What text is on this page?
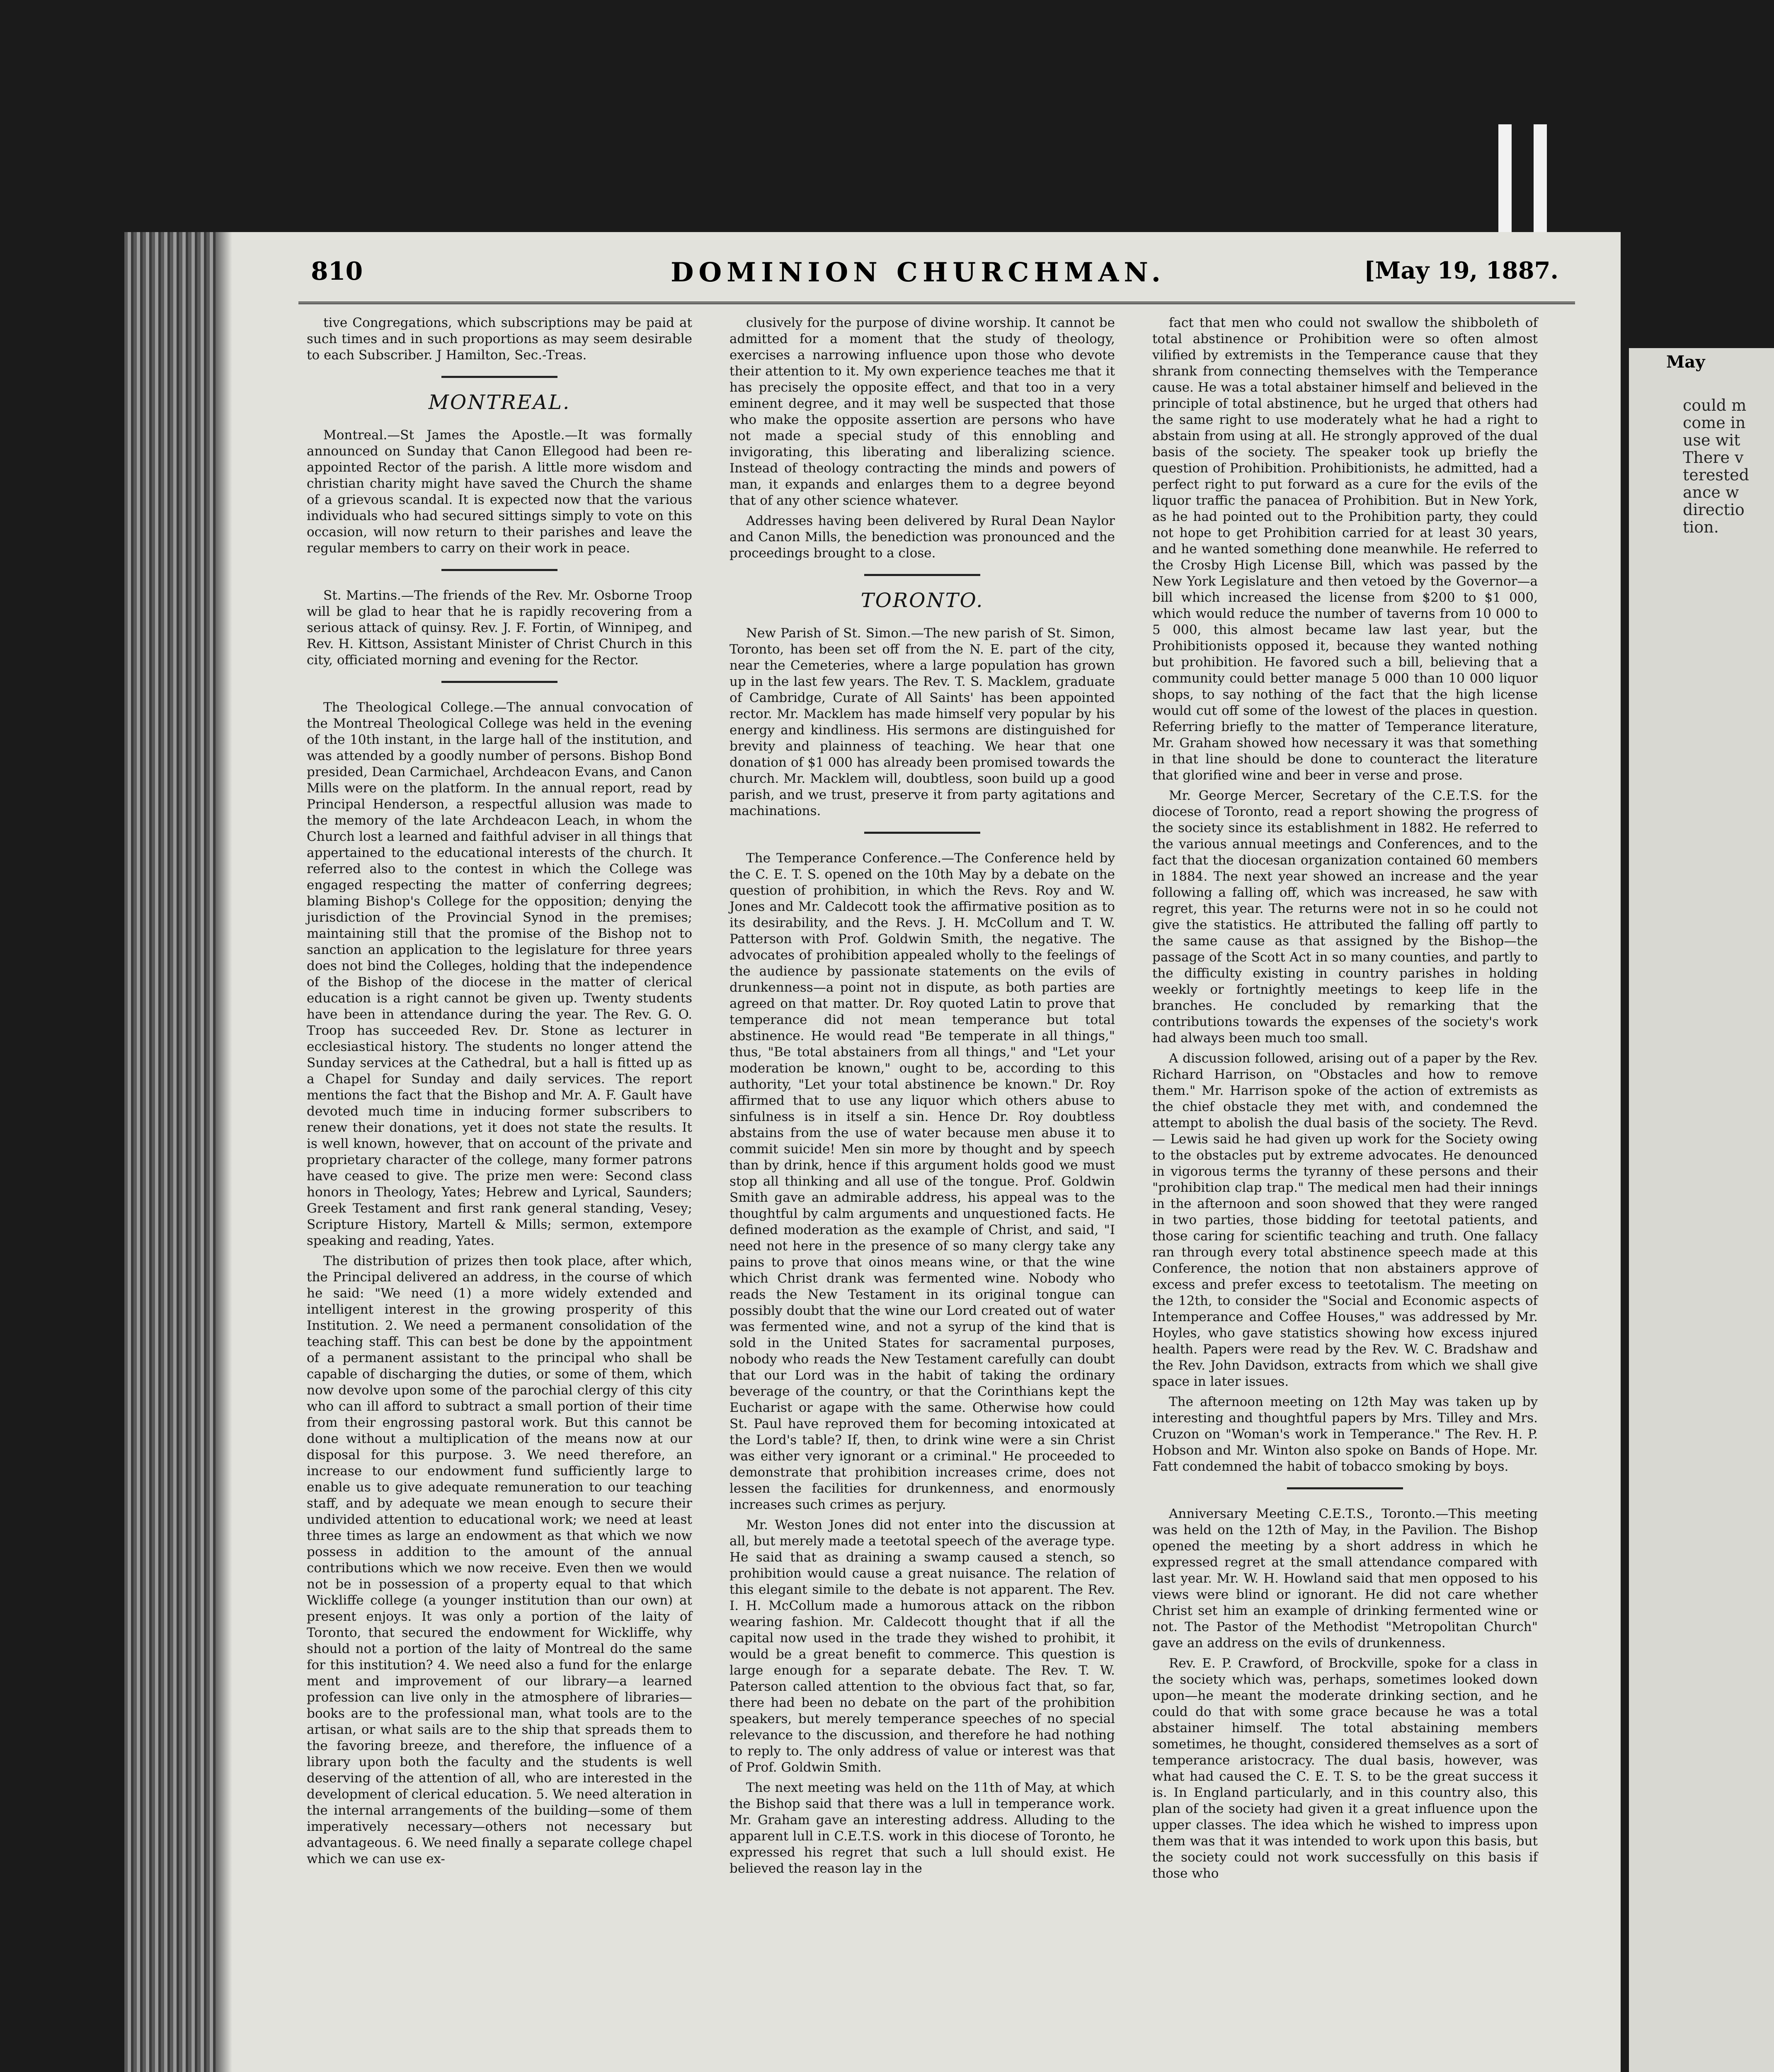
810	DOMINION CHURCHMAN.	[May 19, 1887.

tive Congregations, which subscriptions may be paid at such times and in such proportions as may seem desirable to each Subscriber. J Hamilton, Sec.-Treas.

MONTREAL.

Montreal.—St James the Apostle.—It was formally announced on Sunday that Canon Ellegood had been re-appointed Rector of the parish. A little more wisdom and christian charity might have saved the Church the shame of a grievous scandal. It is expected now that the various individuals who had secured sittings simply to vote on this occasion, will now return to their parishes and leave the regular members to carry on their work in peace.

St. Martins.—The friends of the Rev. Mr. Osborne Troop will be glad to hear that he is rapidly recovering from a serious attack of quinsy. Rev. J. F. Fortin, of Winnipeg, and Rev. H. Kittson, Assistant Minister of Christ Church in this city, officiated morning and evening for the Rector.

The Theological College.—The annual convocation of the Montreal Theological College was held in the evening of the 10th instant, in the large hall of the institution, and was attended by a goodly number of persons. Bishop Bond presided, Dean Carmichael, Archdeacon Evans, and Canon Mills were on the platform. In the annual report, read by Principal Henderson, a respectful allusion was made to the memory of the late Archdeacon Leach, in whom the Church lost a learned and faithful adviser in all things that appertained to the educational interests of the church. It referred also to the contest in which the College was engaged respecting the matter of conferring degrees; blaming Bishop's College for the opposition; denying the jurisdiction of the Provincial Synod in the premises; maintaining still that the promise of the Bishop not to sanction an application to the legislature for three years does not bind the Colleges, holding that the independence of the Bishop of the diocese in the matter of clerical education is a right cannot be given up. Twenty students have been in attendance during the year. The Rev. G. O. Troop has succeeded Rev. Dr. Stone as lecturer in ecclesiastical history. The students no longer attend the Sunday services at the Cathedral, but a hall is fitted up as a Chapel for Sunday and daily services. The report mentions the fact that the Bishop and Mr. A. F. Gault have devoted much time in inducing former subscribers to renew their donations, yet it does not state the results. It is well known, however, that on account of the private and proprietary character of the college, many former patrons have ceased to give. The prize men were: Second class honors in Theology, Yates; Hebrew and Lyrical, Saunders; Greek Testament and first rank general standing, Vesey; Scripture History, Martell & Mills; sermon, extempore speaking and reading, Yates.

The distribution of prizes then took place, after which, the Principal delivered an address, in the course of which he said: "We need (1) a more widely extended and intelligent interest in the growing prosperity of this Institution. 2. We need a permanent consolidation of the teaching staff. This can best be done by the appointment of a permanent assistant to the principal who shall be capable of discharging the duties, or some of them, which now devolve upon some of the parochial clergy of this city who can ill afford to subtract a small portion of their time from their engrossing pastoral work. But this cannot be done without a multiplication of the means now at our disposal for this purpose. 3. We need therefore, an increase to our endowment fund sufficiently large to enable us to give adequate remuneration to our teaching staff, and by adequate we mean enough to secure their undivided attention to educational work; we need at least three times as large an endowment as that which we now possess in addition to the amount of the annual contributions which we now receive. Even then we would not be in possession of a property equal to that which Wickliffe college (a younger institution than our own) at present enjoys. It was only a portion of the laity of Toronto, that secured the endowment for Wickliffe, why should not a portion of the laity of Montreal do the same for this institution? 4. We need also a fund for the enlarge ment and improvement of our library—a learned profession can live only in the atmosphere of libraries—books are to the professional man, what tools are to the artisan, or what sails are to the ship that spreads them to the favoring breeze, and therefore, the influence of a library upon both the faculty and the students is well deserving of the attention of all, who are interested in the development of clerical education. 5. We need alteration in the internal arrangements of the building—some of them imperatively necessary—others not necessary but advantageous. 6. We need finally a separate college chapel which we can use ex-

clusively for the purpose of divine worship. It cannot be admitted for a moment that the study of theology, exercises a narrowing influence upon those who devote their attention to it. My own experience teaches me that it has precisely the opposite effect, and that too in a very eminent degree, and it may well be suspected that those who make the opposite assertion are persons who have not made a special study of this ennobling and invigorating, this liberating and liberalizing science. Instead of theology contracting the minds and powers of man, it expands and enlarges them to a degree beyond that of any other science whatever.

Addresses having been delivered by Rural Dean Naylor and Canon Mills, the benediction was pronounced and the proceedings brought to a close.

TORONTO.

New Parish of St. Simon.—The new parish of St. Simon, Toronto, has been set off from the N. E. part of the city, near the Cemeteries, where a large population has grown up in the last few years. The Rev. T. S. Macklem, graduate of Cambridge, Curate of All Saints' has been appointed rector. Mr. Macklem has made himself very popular by his energy and kindliness. His sermons are distinguished for brevity and plainness of teaching. We hear that one donation of $1 000 has already been promised towards the church. Mr. Macklem will, doubtless, soon build up a good parish, and we trust, preserve it from party agitations and machinations.

The Temperance Conference.—The Conference held by the C. E. T. S. opened on the 10th May by a debate on the question of prohibition, in which the Revs. Roy and W. Jones and Mr. Caldecott took the affirmative position as to its desirability, and the Revs. J. H. McCollum and T. W. Patterson with Prof. Goldwin Smith, the negative. The advocates of prohibition appealed wholly to the feelings of the audience by passionate statements on the evils of drunkenness—a point not in dispute, as both parties are agreed on that matter. Dr. Roy quoted Latin to prove that temperance did not mean temperance but total abstinence. He would read "Be temperate in all things," thus, "Be total abstainers from all things," and "Let your moderation be known," ought to be, according to this authority, "Let your total abstinence be known." Dr. Roy affirmed that to use any liquor which others abuse to sinfulness is in itself a sin. Hence Dr. Roy doubtless abstains from the use of water because men abuse it to commit suicide! Men sin more by thought and by speech than by drink, hence if this argument holds good we must stop all thinking and all use of the tongue. Prof. Goldwin Smith gave an admirable address, his appeal was to the thoughtful by calm arguments and unquestioned facts. He defined moderation as the example of Christ, and said, "I need not here in the presence of so many clergy take any pains to prove that oinos means wine, or that the wine which Christ drank was fermented wine. Nobody who reads the New Testament in its original tongue can possibly doubt that the wine our Lord created out of water was fermented wine, and not a syrup of the kind that is sold in the United States for sacramental purposes, nobody who reads the New Testament carefully can doubt that our Lord was in the habit of taking the ordinary beverage of the country, or that the Corinthians kept the Eucharist or agape with the same. Otherwise how could St. Paul have reproved them for becoming intoxicated at the Lord's table? If, then, to drink wine were a sin Christ was either very ignorant or a criminal." He proceeded to demonstrate that prohibition increases crime, does not lessen the facilities for drunkenness, and enormously increases such crimes as perjury.

Mr. Weston Jones did not enter into the discussion at all, but merely made a teetotal speech of the average type. He said that as draining a swamp caused a stench, so prohibition would cause a great nuisance. The relation of this elegant simile to the debate is not apparent. The Rev. I. H. McCollum made a humorous attack on the ribbon wearing fashion. Mr. Caldecott thought that if all the capital now used in the trade they wished to prohibit, it would be a great benefit to commerce. This question is large enough for a separate debate. The Rev. T. W. Paterson called attention to the obvious fact that, so far, there had been no debate on the part of the prohibition speakers, but merely temperance speeches of no special relevance to the discussion, and therefore he had nothing to reply to. The only address of value or interest was that of Prof. Goldwin Smith.

The next meeting was held on the 11th of May, at which the Bishop said that there was a lull in temperance work. Mr. Graham gave an interesting address. Alluding to the apparent lull in C.E.T.S. work in this diocese of Toronto, he expressed his regret that such a lull should exist. He believed the reason lay in the

fact that men who could not swallow the shibboleth of total abstinence or Prohibition were so often almost vilified by extremists in the Temperance cause that they shrank from connecting themselves with the Temperance cause. He was a total abstainer himself and believed in the principle of total abstinence, but he urged that others had the same right to use moderately what he had a right to abstain from using at all. He strongly approved of the dual basis of the society. The speaker took up briefly the question of Prohibition. Prohibitionists, he admitted, had a perfect right to put forward as a cure for the evils of the liquor traffic the panacea of Prohibition. But in New York, as he had pointed out to the Prohibition party, they could not hope to get Prohibition carried for at least 30 years, and he wanted something done meanwhile. He referred to the Crosby High License Bill, which was passed by the New York Legislature and then vetoed by the Governor—a bill which increased the license from $200 to $1 000, which would reduce the number of taverns from 10 000 to 5 000, this almost became law last year, but the Prohibitionists opposed it, because they wanted nothing but prohibition. He favored such a bill, believing that a community could better manage 5 000 than 10 000 liquor shops, to say nothing of the fact that the high license would cut off some of the lowest of the places in question. Referring briefly to the matter of Temperance literature, Mr. Graham showed how necessary it was that something in that line should be done to counteract the literature that glorified wine and beer in verse and prose.

Mr. George Mercer, Secretary of the C.E.T.S. for the diocese of Toronto, read a report showing the progress of the society since its establishment in 1882. He referred to the various annual meetings and Conferences, and to the fact that the diocesan organization contained 60 members in 1884. The next year showed an increase and the year following a falling off, which was increased, he saw with regret, this year. The returns were not in so he could not give the statistics. He attributed the falling off partly to the same cause as that assigned by the Bishop—the passage of the Scott Act in so many counties, and partly to the difficulty existing in country parishes in holding weekly or fortnightly meetings to keep life in the branches. He concluded by remarking that the contributions towards the expenses of the society's work had always been much too small.

A discussion followed, arising out of a paper by the Rev. Richard Harrison, on "Obstacles and how to remove them." Mr. Harrison spoke of the action of extremists as the chief obstacle they met with, and condemned the attempt to abolish the dual basis of the society. The Revd. — Lewis said he had given up work for the Society owing to the obstacles put by extreme advocates. He denounced in vigorous terms the tyranny of these persons and their "prohibition clap trap." The medical men had their innings in the afternoon and soon showed that they were ranged in two parties, those bidding for teetotal patients, and those caring for scientific teaching and truth. One fallacy ran through every total abstinence speech made at this Conference, the notion that non abstainers approve of excess and prefer excess to teetotalism. The meeting on the 12th, to consider the "Social and Economic aspects of Intemperance and Coffee Houses," was addressed by Mr. Hoyles, who gave statistics showing how excess injured health. Papers were read by the Rev. W. C. Bradshaw and the Rev. John Davidson, extracts from which we shall give space in later issues.

The afternoon meeting on 12th May was taken up by interesting and thoughtful papers by Mrs. Tilley and Mrs. Cruzon on "Woman's work in Temperance." The Rev. H. P. Hobson and Mr. Winton also spoke on Bands of Hope. Mr. Fatt condemned the habit of tobacco smoking by boys.

Anniversary Meeting C.E.T.S., Toronto.—This meeting was held on the 12th of May, in the Pavilion. The Bishop opened the meeting by a short address in which he expressed regret at the small attendance compared with last year. Mr. W. H. Howland said that men opposed to his views were blind or ignorant. He did not care whether Christ set him an example of drinking fermented wine or not. The Pastor of the Methodist "Metropolitan Church" gave an address on the evils of drunkenness.

Rev. E. P. Crawford, of Brockville, spoke for a class in the society which was, perhaps, sometimes looked down upon—he meant the moderate drinking section, and he could do that with some grace because he was a total abstainer himself. The total abstaining members sometimes, he thought, considered themselves as a sort of temperance aristocracy. The dual basis, however, was what had caused the C. E. T. S. to be the great success it is. In England particularly, and in this country also, this plan of the society had given it a great influence upon the upper classes. The idea which he wished to impress upon them was that it was intended to work upon this basis, but the society could not work successfully on this basis if those who

May
could m
come in
use wit
There v
terested
ance w
directio
tion.
